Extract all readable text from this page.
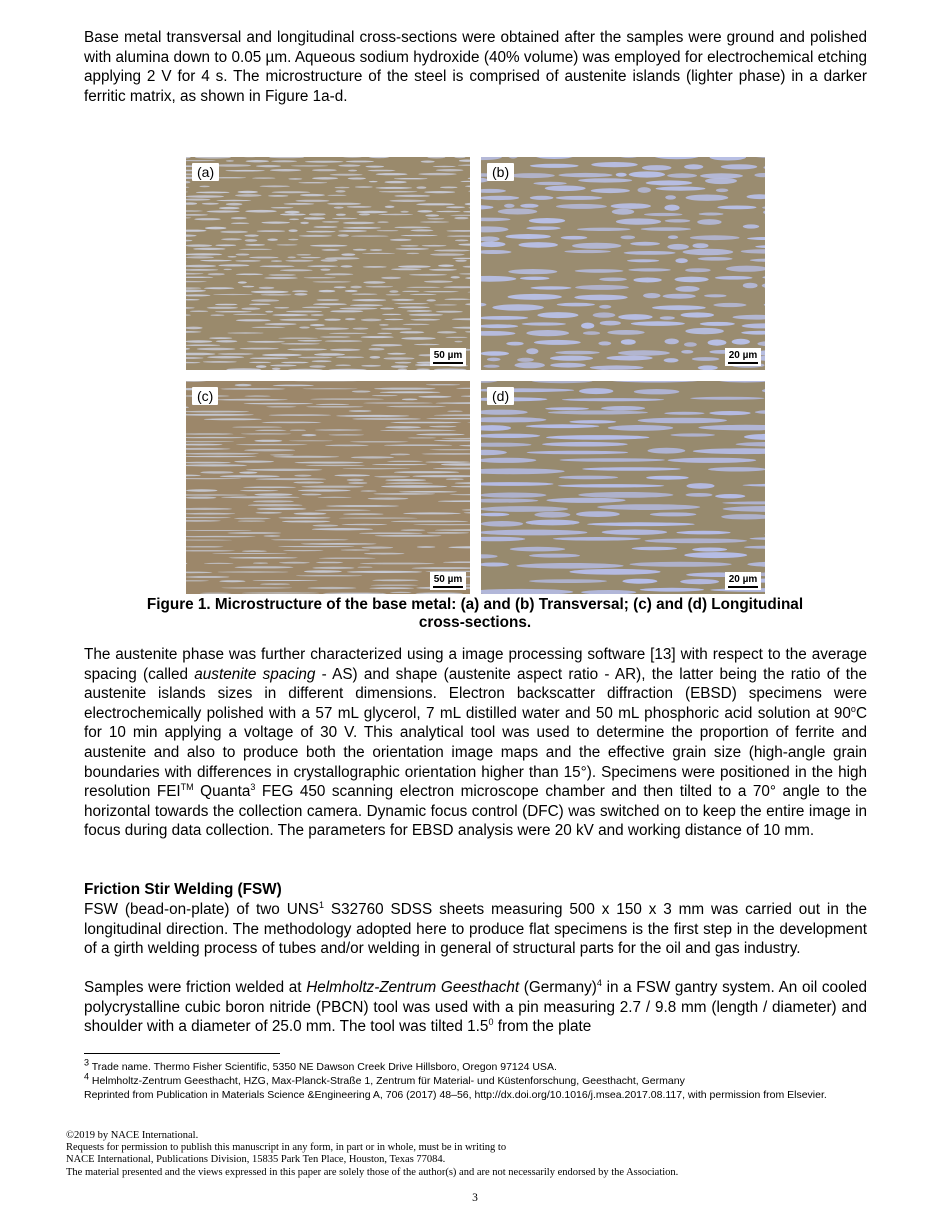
Base metal transversal and longitudinal cross-sections were obtained after the samples were ground and polished with alumina down to 0.05 µm. Aqueous sodium hydroxide (40% volume) was employed for electrochemical etching applying 2 V for 4 s. The microstructure of the steel is comprised of austenite islands (lighter phase) in a darker ferritic matrix, as shown in Figure 1a-d.

(a)
50 µm
(b)
20 µm
(c)
50 µm
(d)
20 µm

Figure 1. Microstructure of the base metal: (a) and (b) Transversal; (c) and (d) Longitudinal
cross-sections.

The austenite phase was further characterized using a image processing software [13] with respect to the average spacing (called austenite spacing - AS) and shape (austenite aspect ratio - AR), the latter being the ratio of the austenite islands sizes in different dimensions. Electron backscatter diffraction (EBSD) specimens were electrochemically polished with a 57 mL glycerol, 7 mL distilled water and 50 mL phosphoric acid solution at 90$^o$C for 10 min applying a voltage of 30 V. This analytical tool was used to determine the proportion of ferrite and austenite and also to produce both the orientation image maps and the effective grain size (high-angle grain boundaries with differences in crystallographic orientation higher than 15°). Specimens were positioned in the high resolution FEI™ Quanta$^3$ FEG 450 scanning electron microscope chamber and then tilted to a 70° angle to the horizontal towards the collection camera. Dynamic focus control (DFC) was switched on to keep the entire image in focus during data collection. The parameters for EBSD analysis were 20 kV and working distance of 10 mm.

Friction Stir Welding (FSW)

FSW (bead-on-plate) of two UNS$^1$ S32760 SDSS sheets measuring 500 x 150 x 3 mm was carried out in the longitudinal direction. The methodology adopted here to produce flat specimens is the first step in the development of a girth welding process of tubes and/or welding in general of structural parts for the oil and gas industry.

Samples were friction welded at Helmholtz-Zentrum Geesthacht (Germany)$^4$ in a FSW gantry system. An oil cooled polycrystalline cubic boron nitride (PBCN) tool was used with a pin measuring 2.7 / 9.8 mm (length / diameter) and shoulder with a diameter of 25.0 mm. The tool was tilted $1.5^0$ from the plate

$^3$ Trade name. Thermo Fisher Scientific, 5350 NE Dawson Creek Drive Hillsboro, Oregon 97124 USA.

$^4$ Helmholtz-Zentrum Geesthacht, HZG, Max-Planck-Straße 1, Zentrum für Material- und Küstenforschung, Geesthacht, Germany

Reprinted from Publication in Materials Science &Engineering A, 706 (2017) 48–56, http://dx.doi.org/10.1016/j.msea.2017.08.117, with permission from Elsevier.

©2019 by NACE International.
Requests for permission to publish this manuscript in any form, in part or in whole, must be in writing to
NACE International, Publications Division, 15835 Park Ten Place, Houston, Texas 77084.
The material presented and the views expressed in this paper are solely those of the author(s) and are not necessarily endorsed by the Association.
3
